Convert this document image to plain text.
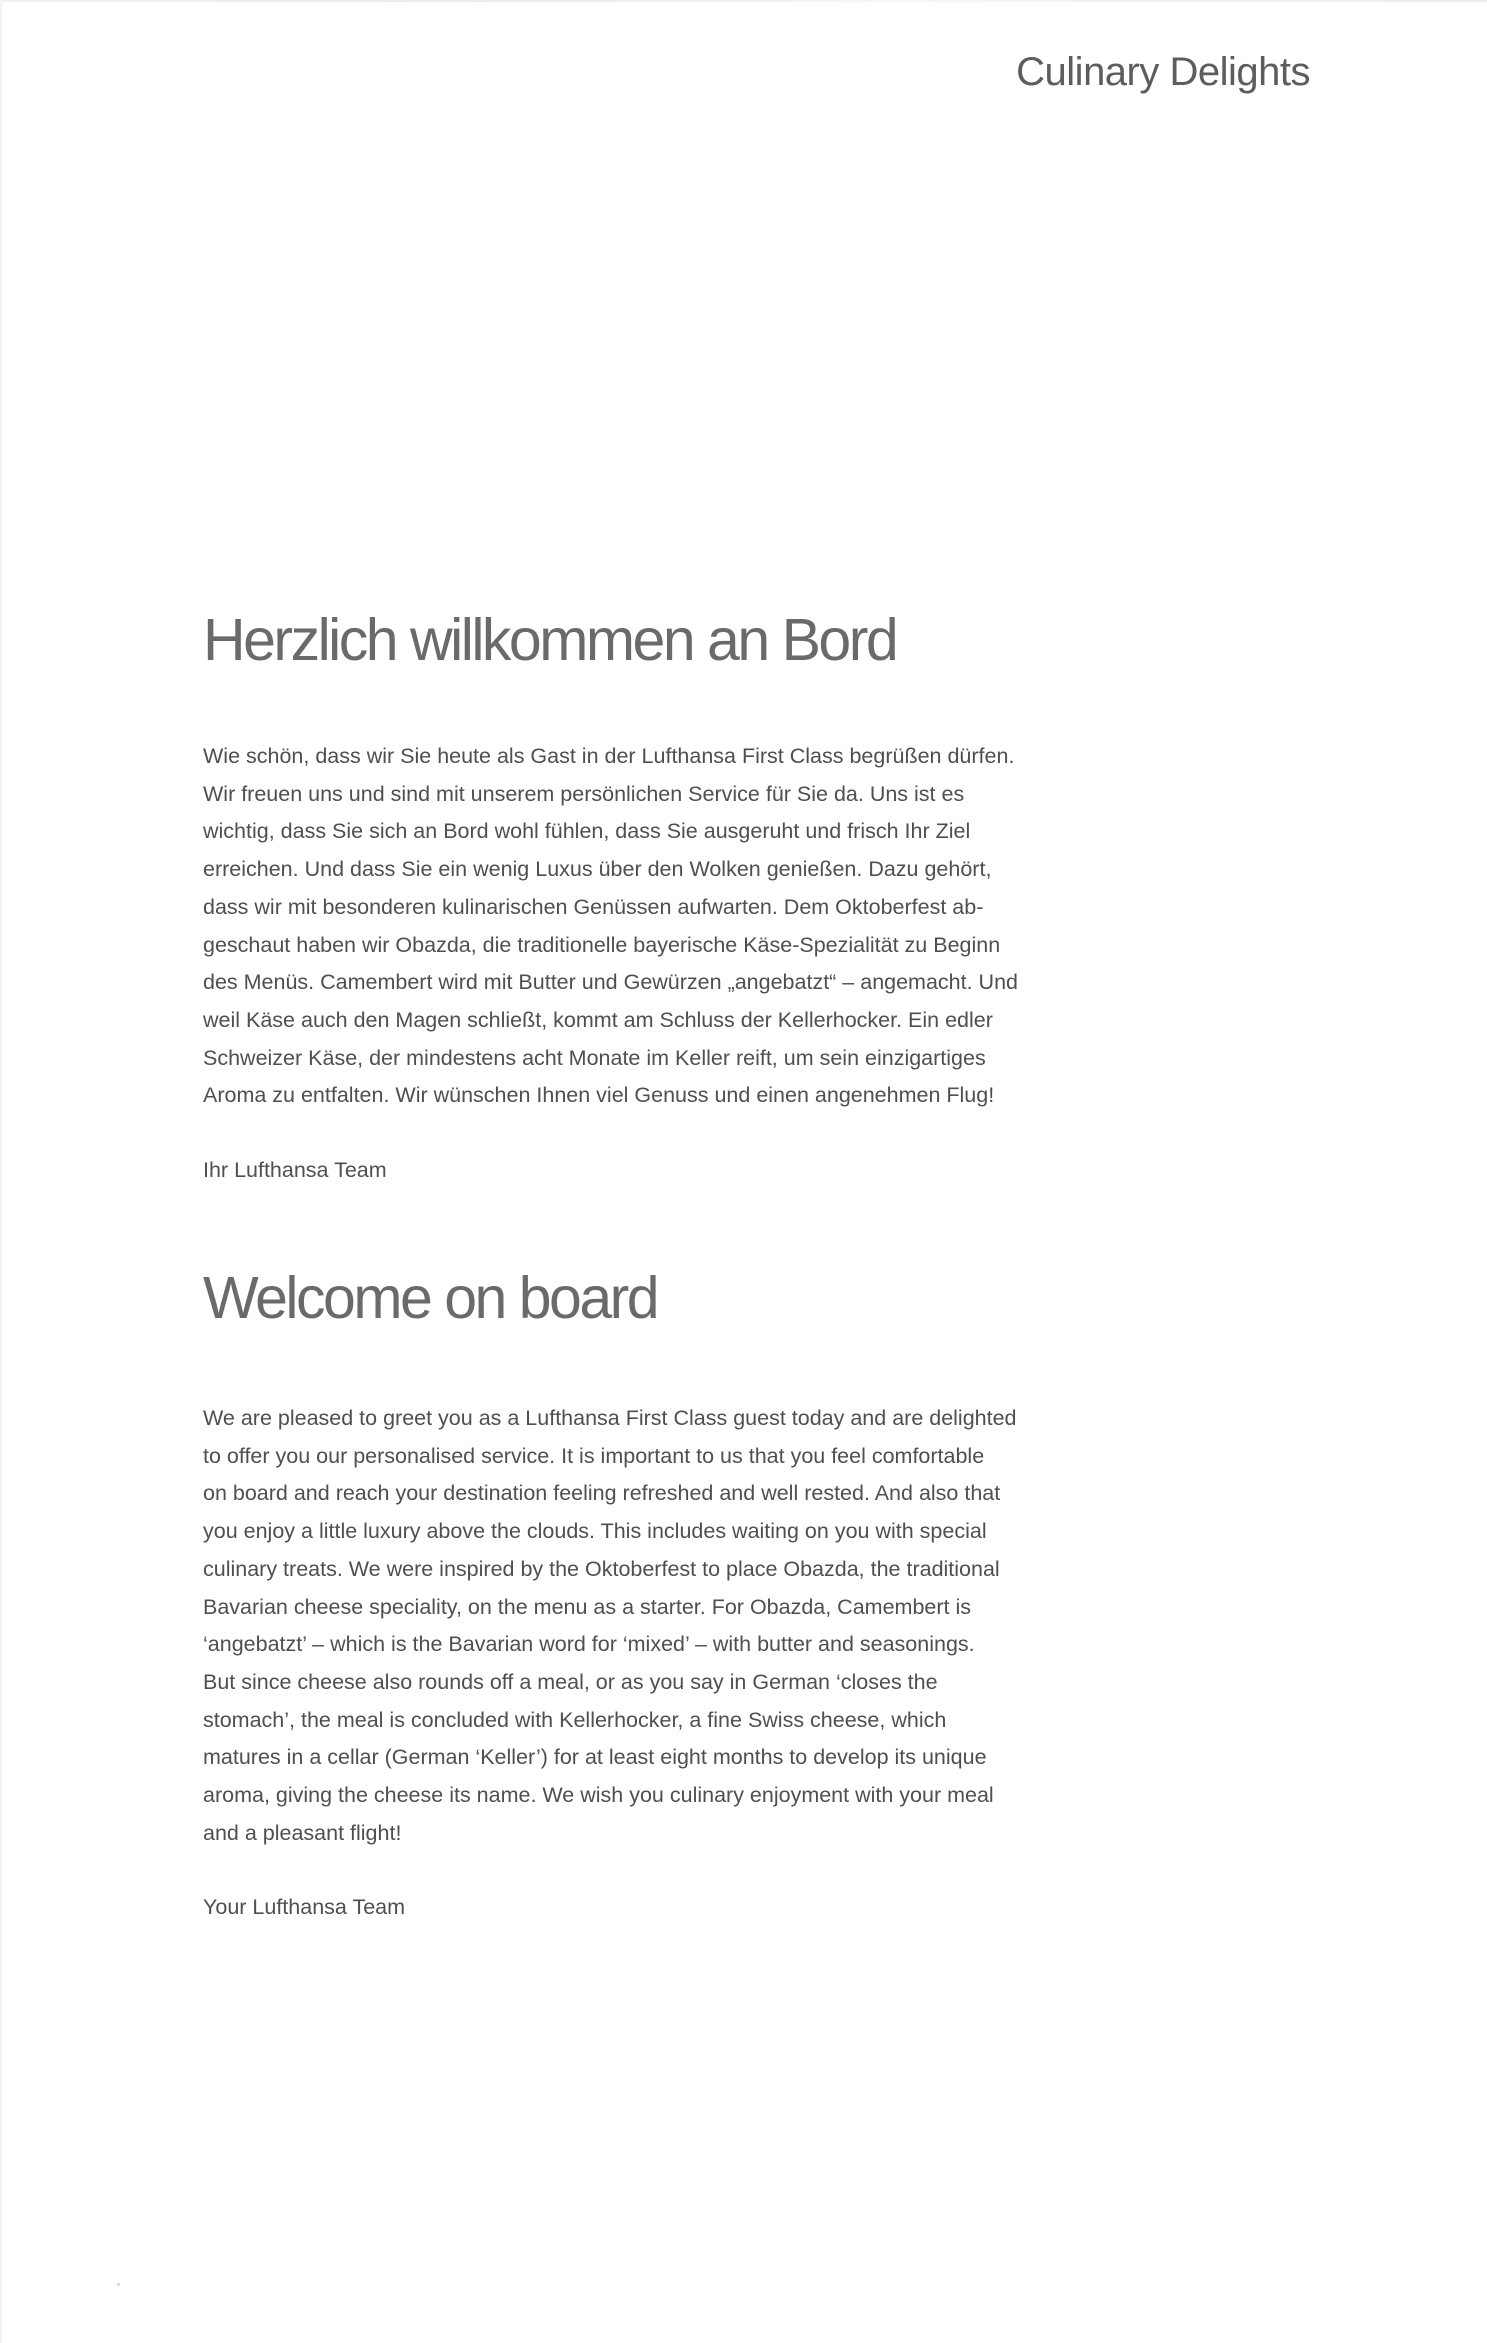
Culinary Delights
Herzlich willkommen an Bord

Wie schön, dass wir Sie heute als Gast in der Lufthansa First Class begrüßen dürfen.
Wir freuen uns und sind mit unserem persönlichen Service für Sie da. Uns ist es
wichtig, dass Sie sich an Bord wohl fühlen, dass Sie ausgeruht und frisch Ihr Ziel
erreichen. Und dass Sie ein wenig Luxus über den Wolken genießen. Dazu gehört,
dass wir mit besonderen kulinarischen Genüssen aufwarten. Dem Oktoberfest ab-
geschaut haben wir Obazda, die traditionelle bayerische Käse-Spezialität zu Beginn
des Menüs. Camembert wird mit Butter und Gewürzen „angebatzt“ – angemacht. Und
weil Käse auch den Magen schließt, kommt am Schluss der Kellerhocker. Ein edler
Schweizer Käse, der mindestens acht Monate im Keller reift, um sein einzigartiges
Aroma zu entfalten. Wir wünschen Ihnen viel Genuss und einen angenehmen Flug!

Ihr Lufthansa Team

Welcome on board

We are pleased to greet you as a Lufthansa First Class guest today and are delighted
to offer you our personalised service. It is important to us that you feel comfortable
on board and reach your destination feeling refreshed and well rested. And also that
you enjoy a little luxury above the clouds. This includes waiting on you with special
culinary treats. We were inspired by the Oktoberfest to place Obazda, the traditional
Bavarian cheese speciality, on the menu as a starter. For Obazda, Camembert is
‘angebatzt’ – which is the Bavarian word for ‘mixed’ – with butter and seasonings.
But since cheese also rounds off a meal, or as you say in German ‘closes the
stomach’, the meal is concluded with Kellerhocker, a fine Swiss cheese, which
matures in a cellar (German ‘Keller’) for at least eight months to develop its unique
aroma, giving the cheese its name. We wish you culinary enjoyment with your meal
and a pleasant flight!

Your Lufthansa Team
